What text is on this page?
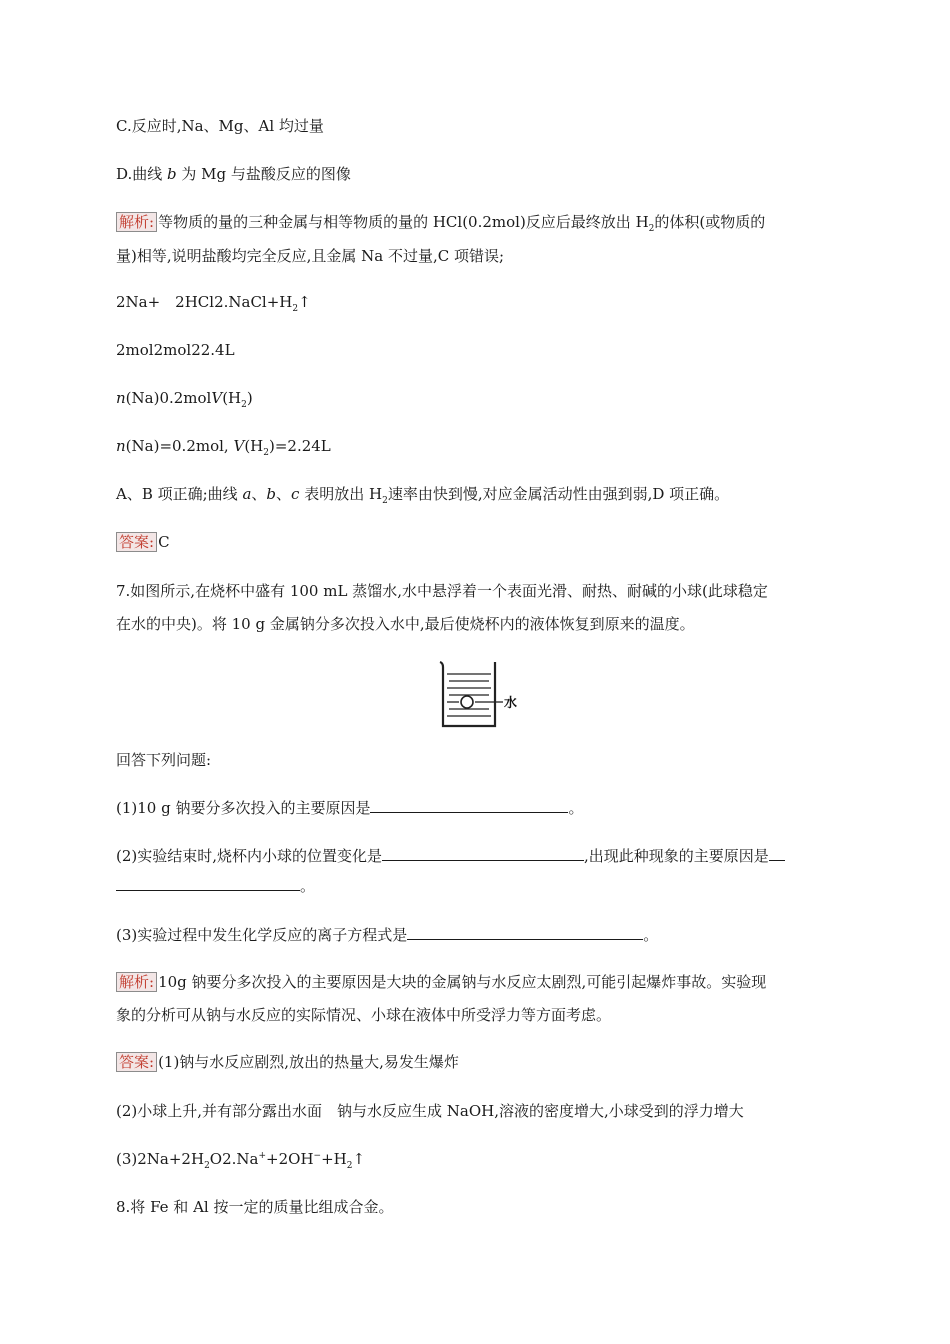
C.反应时,Na、Mg、Al 均过量
D.曲线 b 为 Mg 与盐酸反应的图像
解析: 等物质的量的三种金属与相等物质的量的 HCl(0.2mol)反应后最终放出 $H_2$的体积(或物质的
量)相等,说明盐酸均完全反应,且金属 Na 不过量,C 项错误;
2Na+　$2HCl2.NaCl+H_2↑$
2mol2mol22.4L
$n(Na)0.2molV(H_2)$
n(Na)=0.2mol, $V(H_2)=2.24L$
A、B 项正确;曲线 a、b、c 表明放出 $H_2$速率由快到慢,对应金属活动性由强到弱,D 项正确。
答案: C
7.如图所示,在烧杯中盛有 100 mL 蒸馏水,水中悬浮着一个表面光滑、耐热、耐碱的小球(此球稳定
在水的中央)。将 10 g 金属钠分多次投入水中,最后使烧杯内的液体恢复到原来的温度。
水
回答下列问题:
(1)10 g 钠要分多次投入的主要原因是	。
(2)实验结束时,烧杯内小球的位置变化是	,出现此种现象的主要原因是
。
(3)实验过程中发生化学反应的离子方程式是	。
解析: 10g 钠要分多次投入的主要原因是大块的金属钠与水反应太剧烈,可能引起爆炸事故。实验现
象的分析可从钠与水反应的实际情况、小球在液体中所受浮力等方面考虑。
答案: (1)钠与水反应剧烈,放出的热量大,易发生爆炸
(2)小球上升,并有部分露出水面　钠与水反应生成 NaOH,溶液的密度增大,小球受到的浮力增大
$(3)2Na+2H_2O2.Na^++2OH^-+H_2↑$
8.将 Fe 和 Al 按一定的质量比组成合金。
